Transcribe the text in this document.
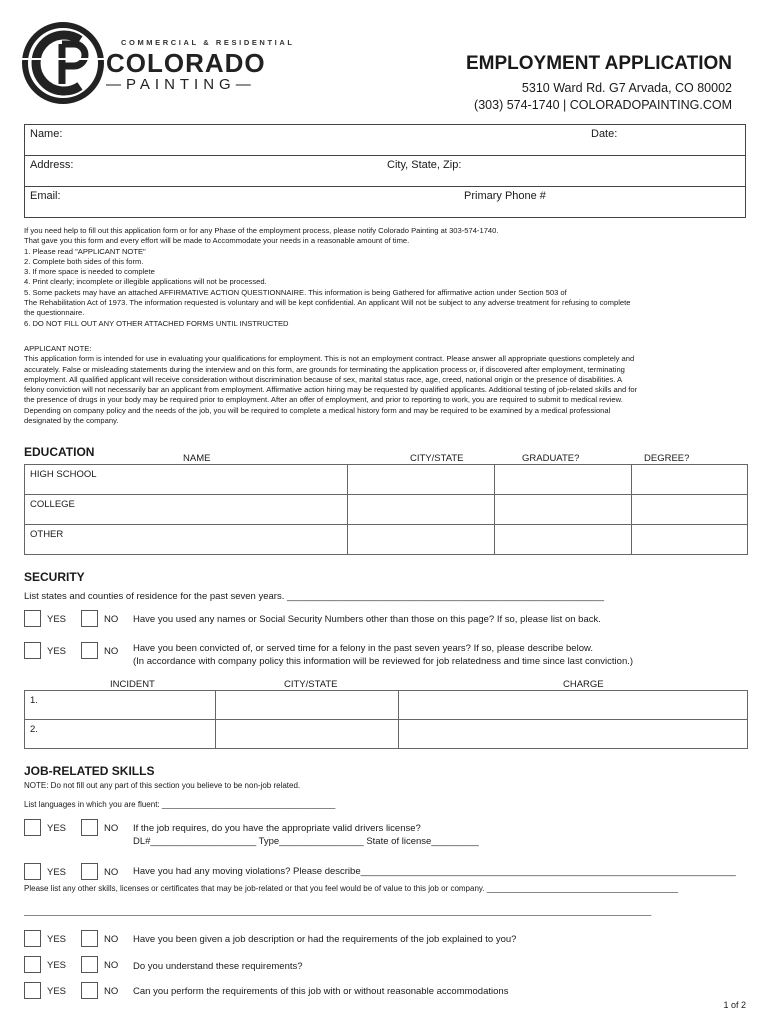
COMMERCIAL & RESIDENTIAL
COLORADO
—PAINTING—
EMPLOYMENT APPLICATION
5310 Ward Rd. G7 Arvada, CO 80002
(303) 574-1740 | COLORADOPAINTING.COM
Name:	Date:
Address:	City, State, Zip:
Email:	Primary Phone #
If you need help to fill out this application form or for any Phase of the employment process, please notify Colorado Painting at 303-574-1740.
That gave you this form and every effort will be made to Accommodate your needs in a reasonable amount of time.
1. Please read "APPLICANT NOTE"
2. Complete both sides of this form.
3. If more space is needed to complete
4. Print clearly; incomplete or illegible applications will not be processed.
5. Some packets may have an attached AFFIRMATIVE ACTION QUESTIONNAIRE. This information is being Gathered for affirmative action under Section 503 of
The Rehabilitation Act of 1973. The information requested is voluntary and will be kept confidential. An applicant Will not be subject to any adverse treatment for refusing to complete
the questionnaire.
6. DO NOT FILL OUT ANY OTHER ATTACHED FORMS UNTIL INSTRUCTED
APPLICANT NOTE:
This application form is intended for use in evaluating your qualifications for employment. This is not an employment contract. Please answer all appropriate questions completely and
accurately. False or misleading statements during the interview and on this form, are grounds for terminating the application process or, if discovered after employment, terminating
employment. All qualified applicant will receive consideration without discrimination because of sex, marital status race, age, creed, national origin or the presence of disabilities. A
felony conviction will not necessarily bar an applicant from employment. Affirmative action hiring may be requested by qualified applicants. Additional testing of job-related skills and for
the presence of drugs in your body may be required prior to employment. After an offer of employment, and prior to reporting to work, you are required to submit to medical review.
Depending on company policy and the needs of the job, you will be required to complete a medical history form and may be required to be examined by a medical professional
designated by the company.
EDUCATION	NAME	CITY/STATE	GRADUATE?	DEGREE?
HIGH SCHOOL			
COLLEGE			
OTHER			
SECURITY
List states and counties of residence for the past seven years. ____________________________________________________________
YES	NO Have you used any names or Social Security Numbers other than those on this page? If so, please list on back.
YES	NO Have you been convicted of, or served time for a felony in the past seven years? If so, please describe below.
(In accordance with company policy this information will be reviewed for job relatedness and time since last conviction.)
INCIDENT	CITY/STATE	CHARGE
1.		
2.		
JOB-RELATED SKILLS
NOTE: Do not fill out any part of this section you believe to be non-job related.
List languages in which you are fluent: _______________________________________
YES	NO If the job requires, do you have the appropriate valid drivers license?
DL#____________________ Type________________ State of license_________
YES	NO Have you had any moving violations? Please describe_______________________________________________________________________
Please list any other skills, licenses or certificates that may be job-related or that you feel would be of value to this job or company. ___________________________________________
_____________________________________________________________________________________________________________________________________________
YES	NO Have you been given a job description or had the requirements of the job explained to you?
YES	NO Do you understand these requirements?
YES	NO Can you perform the requirements of this job with or without reasonable accommodations
1 of 2
